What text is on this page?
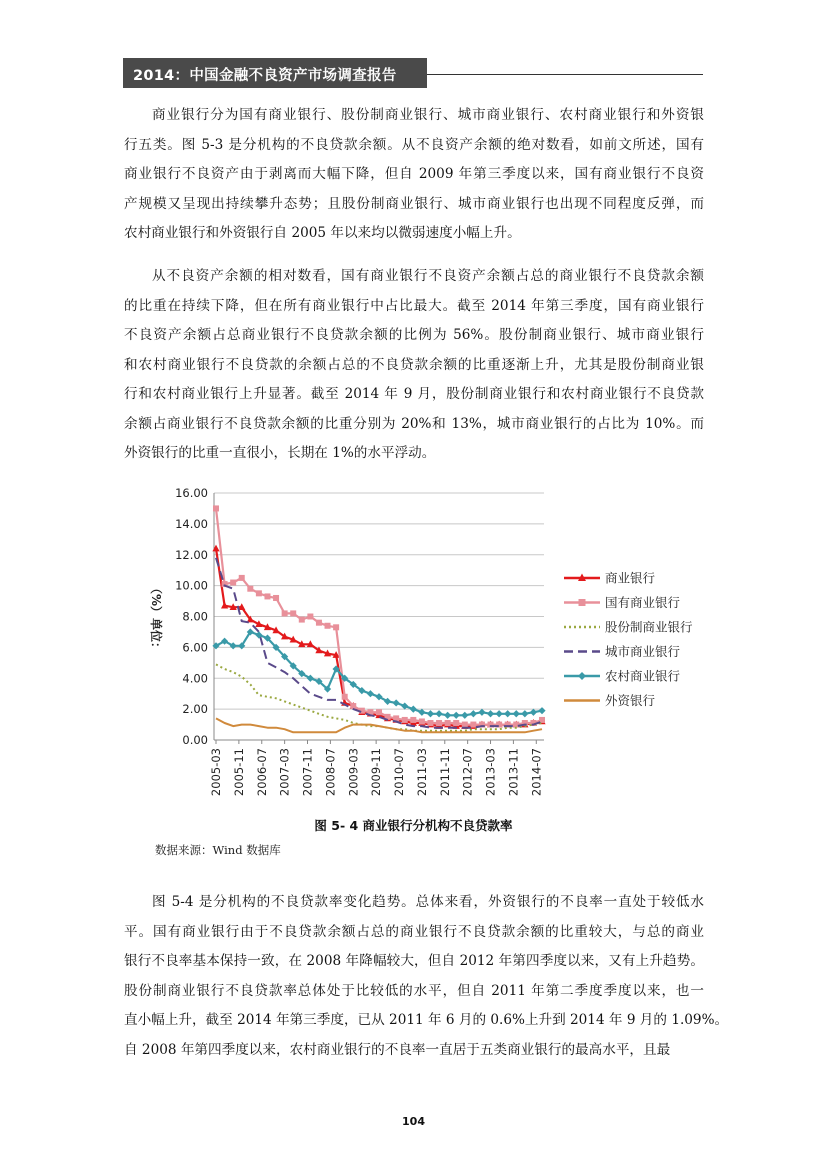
2014：中国金融不良资产市场调查报告
商业银行分为国有商业银行、股份制商业银行、城市商业银行、农村商业银行和外资银
行五类。图 5-3 是分机构的不良贷款余额。从不良资产余额的绝对数看，如前文所述，国有
商业银行不良资产由于剥离而大幅下降，但自 2009 年第三季度以来，国有商业银行不良资
产规模又呈现出持续攀升态势；且股份制商业银行、城市商业银行也出现不同程度反弹，而
农村商业银行和外资银行自 2005 年以来均以微弱速度小幅上升。
从不良资产余额的相对数看，国有商业银行不良资产余额占总的商业银行不良贷款余额
的比重在持续下降，但在所有商业银行中占比最大。截至 2014 年第三季度，国有商业银行
不良资产余额占总商业银行不良贷款余额的比例为 56%。股份制商业银行、城市商业银行
和农村商业银行不良贷款的余额占总的不良贷款余额的比重逐渐上升，尤其是股份制商业银
行和农村商业银行上升显著。截至 2014 年 9 月，股份制商业银行和农村商业银行不良贷款
余额占商业银行不良贷款余额的比重分别为 20%和 13%，城市商业银行的占比为 10%。而
外资银行的比重一直很小，长期在 1%的水平浮动。
0.00
2.00
4.00
6.00
8.00
10.00
12.00
14.00
16.00
2005-03 2005-11 2006-07 2007-03 2007-11 2008-07 2009-03 2009-11 2010-07 2011-03 2011-11 2012-07 2013-03 2013-11 2014-07
（%）单位：
商业银行
国有商业银行
股份制商业银行
城市商业银行
农村商业银行
外资银行
图 5- 4 商业银行分机构不良贷款率
数据来源：Wind 数据库
图 5-4 是分机构的不良贷款率变化趋势。总体来看，外资银行的不良率一直处于较低水
平。国有商业银行由于不良贷款余额占总的商业银行不良贷款余额的比重较大，与总的商业
银行不良率基本保持一致，在 2008 年降幅较大，但自 2012 年第四季度以来，又有上升趋势。
股份制商业银行不良贷款率总体处于比较低的水平，但自 2011 年第二季度季度以来，也一
直小幅上升，截至 2014 年第三季度，已从 2011 年 6 月的 0.6%上升到 2014 年 9 月的 1.09%。
自 2008 年第四季度以来，农村商业银行的不良率一直居于五类商业银行的最高水平，且最
104
